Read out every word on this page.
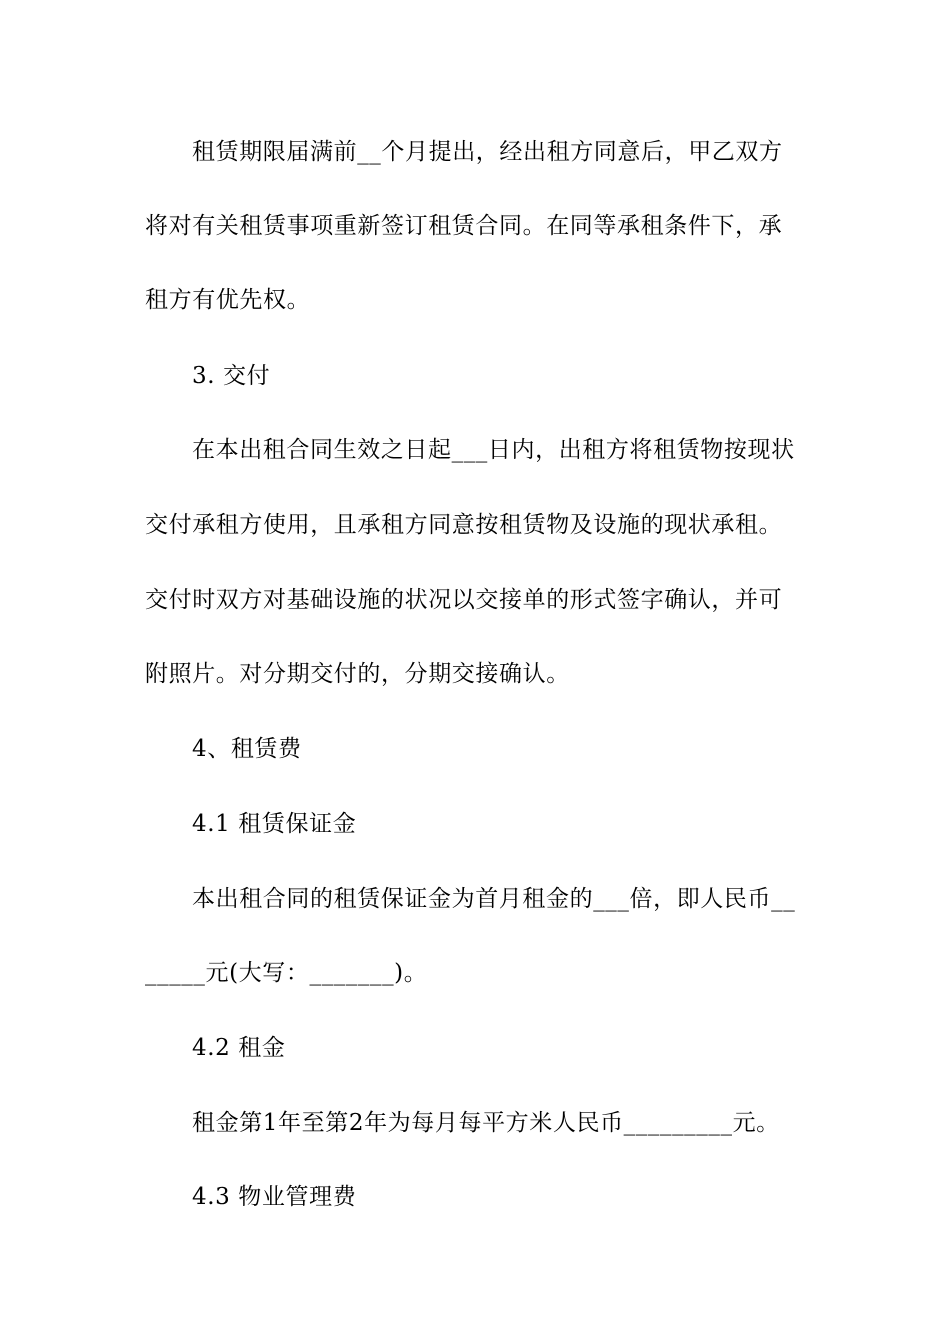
租赁期限届满前__个月提出，经出租方同意后，甲乙双方
将对有关租赁事项重新签订租赁合同。在同等承租条件下，承
租方有优先权。
3. 交付
在本出租合同生效之日起___日内，出租方将租赁物按现状
交付承租方使用，且承租方同意按租赁物及设施的现状承租。
交付时双方对基础设施的状况以交接单的形式签字确认，并可
附照片。对分期交付的，分期交接确认。
4、租赁费
4.1 租赁保证金
本出租合同的租赁保证金为首月租金的___倍，即人民币__
_____元(大写：_______)。
4.2 租金
租金第1年至第2年为每月每平方米人民币_________元。
4.3 物业管理费
